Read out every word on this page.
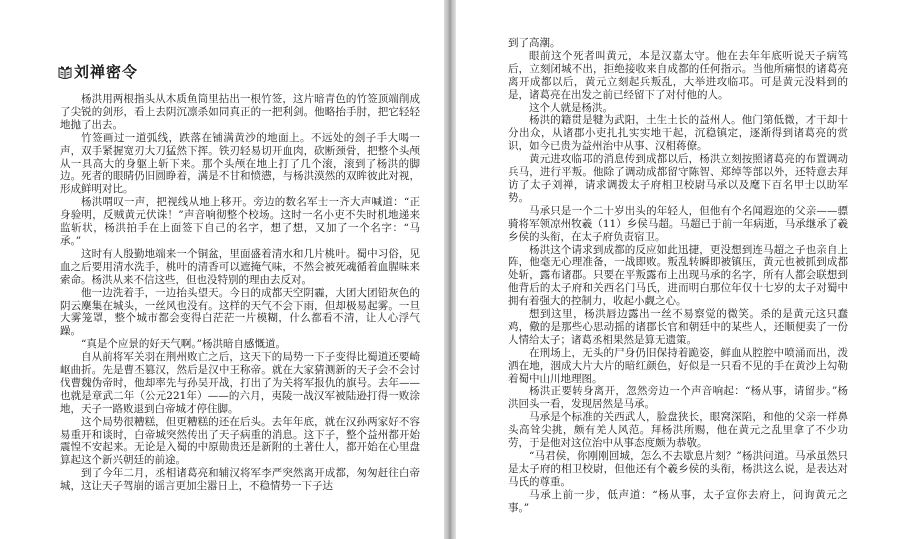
刘禅密令

杨洪用两根指头从木质鱼筒里拈出一根竹签，这片暗青色的竹签顶端削成了尖锐的剑形，看上去阴沉凛杀如同真正的一把利剑。他略抬手肘，把它轻轻地抛了出去。

竹签画过一道弧线，跌落在铺满黄沙的地面上。不远处的刽子手大喝一声，双手紧握宽刃大刀猛然下挥。铁刃轻易切开血肉，砍断颈骨，把整个头颅从一具高大的身躯上斩下来。那个头颅在地上打了几个滚，滚到了杨洪的脚边。死者的眼睛仍旧圆睁着，满是不甘和愤懑，与杨洪漠然的双眸彼此对视，形成鲜明对比。

杨洪喟叹一声，把视线从地上移开。旁边的数名军士一齐大声喊道：“正身验明，反贼黄元伏诛！”声音响彻整个校场。这时一名小吏不失时机地递来监斩状，杨洪拍手在上面签下自己的名字，想了想，又加了一个名字：“马承。”

这时有人殷勤地端来一个铜盆，里面盛着清水和几片桃叶。蜀中习俗，见血之后要用清水洗手，桃叶的清香可以遮掩气味，不然会被死魂循着血腥味来索命。杨洪从来不信这些，但也没特别的理由去反对。

他一边洗着手，一边抬头望天。今日的成都天空阴霾，大团大团铅灰色的阴云麇集在城头，一丝风也没有。这样的天气不会下雨，但却极易起雾。一旦大雾笼罩，整个城市都会变得白茫茫一片模糊，什么都看不清，让人心浮气躁。

“真是个应景的好天气啊。”杨洪暗自感慨道。

自从前将军关羽在荆州败亡之后，这天下的局势一下子变得比蜀道还要崎岖曲折。先是曹丕篡汉，然后是汉中王称帝。就在大家猜测新的天子会不会讨伐曹魏伪帝时，他却率先与孙吴开战，打出了为关将军报仇的旗号。去年——也就是章武二年（公元221年）——的六月，夷陵一战汉军被陆逊打得一败涂地，天子一路败退到白帝城才停住脚。

这个局势很糟糕，但更糟糕的还在后头。去年年底，就在汉孙两家好不容易重开和谈时，白帝城突然传出了天子病重的消息。这下子，整个益州都开始震惶不安起来。无论是入蜀的中原勋贵还是新附的土著仕人，都开始在心里盘算起这个新兴朝廷的前途。

到了今年二月，丞相诸葛亮和辅汉将军李严突然离开成都，匆匆赶往白帝城，这让天子驾崩的谣言更加尘嚣日上，不稳情势一下子达

到了高潮。

眼前这个死者叫黄元，本是汉嘉太守。他在去年年底听说天子病笃后，立刻闭城不出，拒绝接收来自成都的任何指示。当他所痛恨的诸葛亮离开成都以后，黄元立刻起兵叛乱，大举进攻临邛。可是黄元没料到的是，诸葛亮在出发之前已经留下了对付他的人。

这个人就是杨洪。

杨洪的籍贯是犍为武阳，土生土长的益州人。他门第低微，才干却十分出众，从诸郡小吏扎扎实实地干起，沉稳镇定，逐渐得到诸葛亮的赏识，如今已贵为益州治中从事、汉相蒋僚。

黄元进攻临邛的消息传到成都以后，杨洪立刻按照诸葛亮的布置调动兵马，进行平叛。他除了调动成都留守陈智、郑绰等部以外，还特意去拜访了太子刘禅，请求调拨太子府相卫校尉马承以及麾下百名甲士以助军势。

马承只是一个二十岁出头的年轻人，但他有个名闻遐迩的父亲——骠骑将军领凉州牧羲（11）乡侯马超。马超已于前一年病逝，马承继承了羲乡侯的头衔，在太子府负责宿卫。

杨洪这个请求到成都的反应如此迅捷，更没想到连马超之子也亲自上阵，他毫无心理准备，一战即败。叛乱转瞬即被镇压，黄元也被抓到成都处斩，露布诸郡。只要在平叛露布上出现马承的名字，所有人都会联想到他背后的太子府和关西名门马氏，进而明白那位年仅十七岁的太子对蜀中拥有着强大的控制力，收起小觑之心。

想到这里，杨洪唇边露出一丝不易察觉的微笑。杀的是黄元这只蠢鸡，儆的是那些心思动摇的诸郡长官和朝廷中的某些人，还顺便卖了一份人情给太子；诸葛丞相果然是算无遗策。

在刑场上，无头的尸身仍旧保持着跪姿，鲜血从腔腔中喷涌而出，泼洒在地，洇成大片大片的暗红颜色，好似是一只看不见的手在黄沙上勾勒着蜀中山川地理图。

杨洪正要转身离开，忽然旁边一个声音响起：“杨从事，请留步。”杨洪回头一看，发现居然是马承。

马承是个标准的关西武人，脸盘狭长，眼窝深陷，和他的父亲一样鼻头高耸尖挑，颇有羌人风范。拜杨洪所赐，他在黄元之乱里拿了不少功劳，于是他对这位治中从事态度颇为恭敬。

“马君侯，你刚刚回城，怎么不去歇息片刻？”杨洪问道。马承虽然只是太子府的相卫校尉，但他还有个羲乡侯的头衔，杨洪这么说，是表达对马氏的尊重。

马承上前一步，低声道：“杨从事，太子宣你去府上，问询黄元之事。”
